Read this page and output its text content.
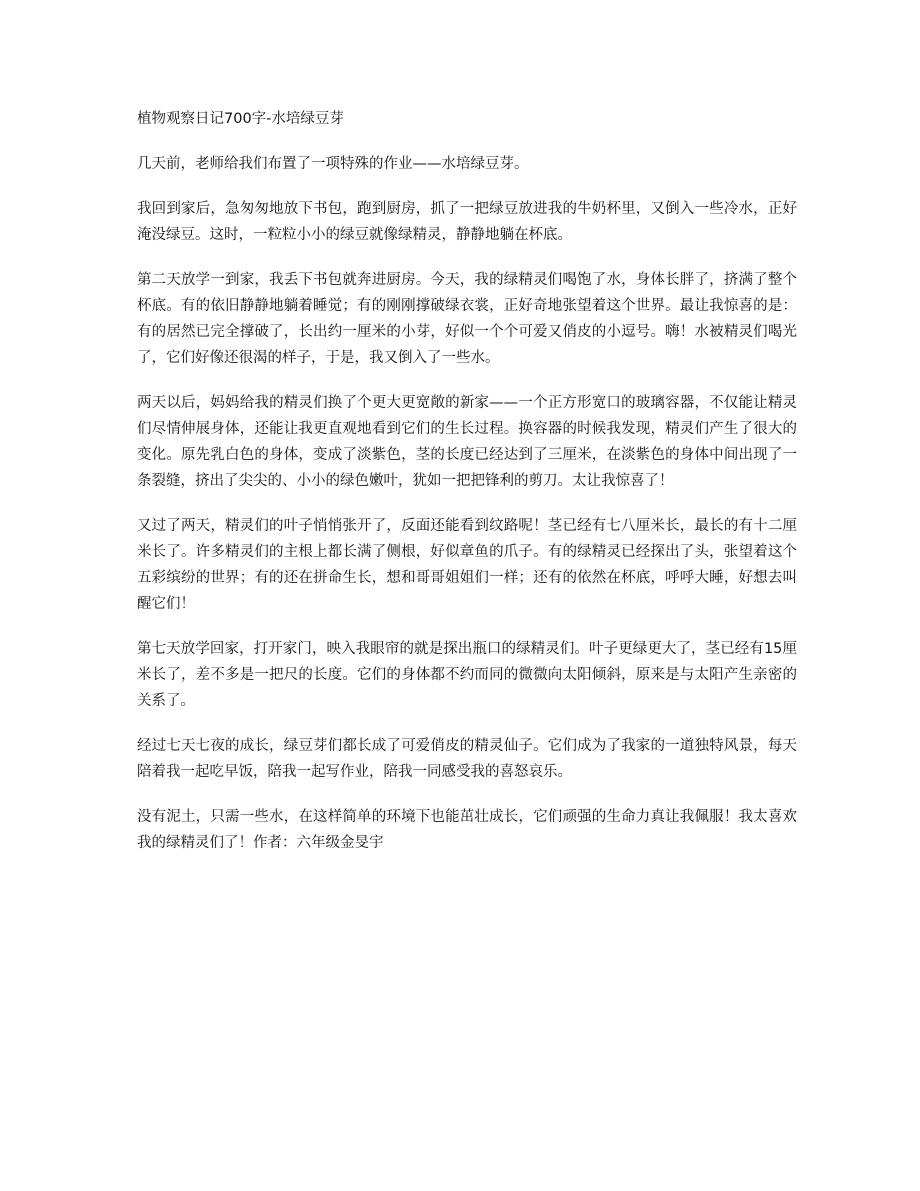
植物观察日记700字-水培绿豆芽

几天前，老师给我们布置了一项特殊的作业——水培绿豆芽。

我回到家后，急匆匆地放下书包，跑到厨房，抓了一把绿豆放进我的牛奶杯里，又倒入一些冷水，正好淹没绿豆。这时，一粒粒小小的绿豆就像绿精灵，静静地躺在杯底。

第二天放学一到家，我丢下书包就奔进厨房。今天，我的绿精灵们喝饱了水，身体长胖了，挤满了整个杯底。有的依旧静静地躺着睡觉；有的刚刚撑破绿衣裳，正好奇地张望着这个世界。最让我惊喜的是：有的居然已完全撑破了，长出约一厘米的小芽，好似一个个可爱又俏皮的小逗号。嗨！水被精灵们喝光了，它们好像还很渴的样子，于是，我又倒入了一些水。

两天以后，妈妈给我的精灵们换了个更大更宽敞的新家——一个正方形宽口的玻璃容器，不仅能让精灵们尽情伸展身体，还能让我更直观地看到它们的生长过程。换容器的时候我发现，精灵们产生了很大的变化。原先乳白色的身体，变成了淡紫色，茎的长度已经达到了三厘米，在淡紫色的身体中间出现了一条裂缝，挤出了尖尖的、小小的绿色嫩叶，犹如一把把锋利的剪刀。太让我惊喜了！

又过了两天，精灵们的叶子悄悄张开了，反面还能看到纹路呢！茎已经有七八厘米长，最长的有十二厘米长了。许多精灵们的主根上都长满了侧根，好似章鱼的爪子。有的绿精灵已经探出了头，张望着这个五彩缤纷的世界；有的还在拼命生长，想和哥哥姐姐们一样；还有的依然在杯底，呼呼大睡，好想去叫醒它们！

第七天放学回家，打开家门，映入我眼帘的就是探出瓶口的绿精灵们。叶子更绿更大了，茎已经有15厘米长了，差不多是一把尺的长度。它们的身体都不约而同的微微向太阳倾斜，原来是与太阳产生亲密的关系了。

经过七天七夜的成长，绿豆芽们都长成了可爱俏皮的精灵仙子。它们成为了我家的一道独特风景，每天陪着我一起吃早饭，陪我一起写作业，陪我一同感受我的喜怒哀乐。

没有泥土，只需一些水，在这样简单的环境下也能茁壮成长，它们顽强的生命力真让我佩服！我太喜欢我的绿精灵们了！作者：六年级金旻宇
